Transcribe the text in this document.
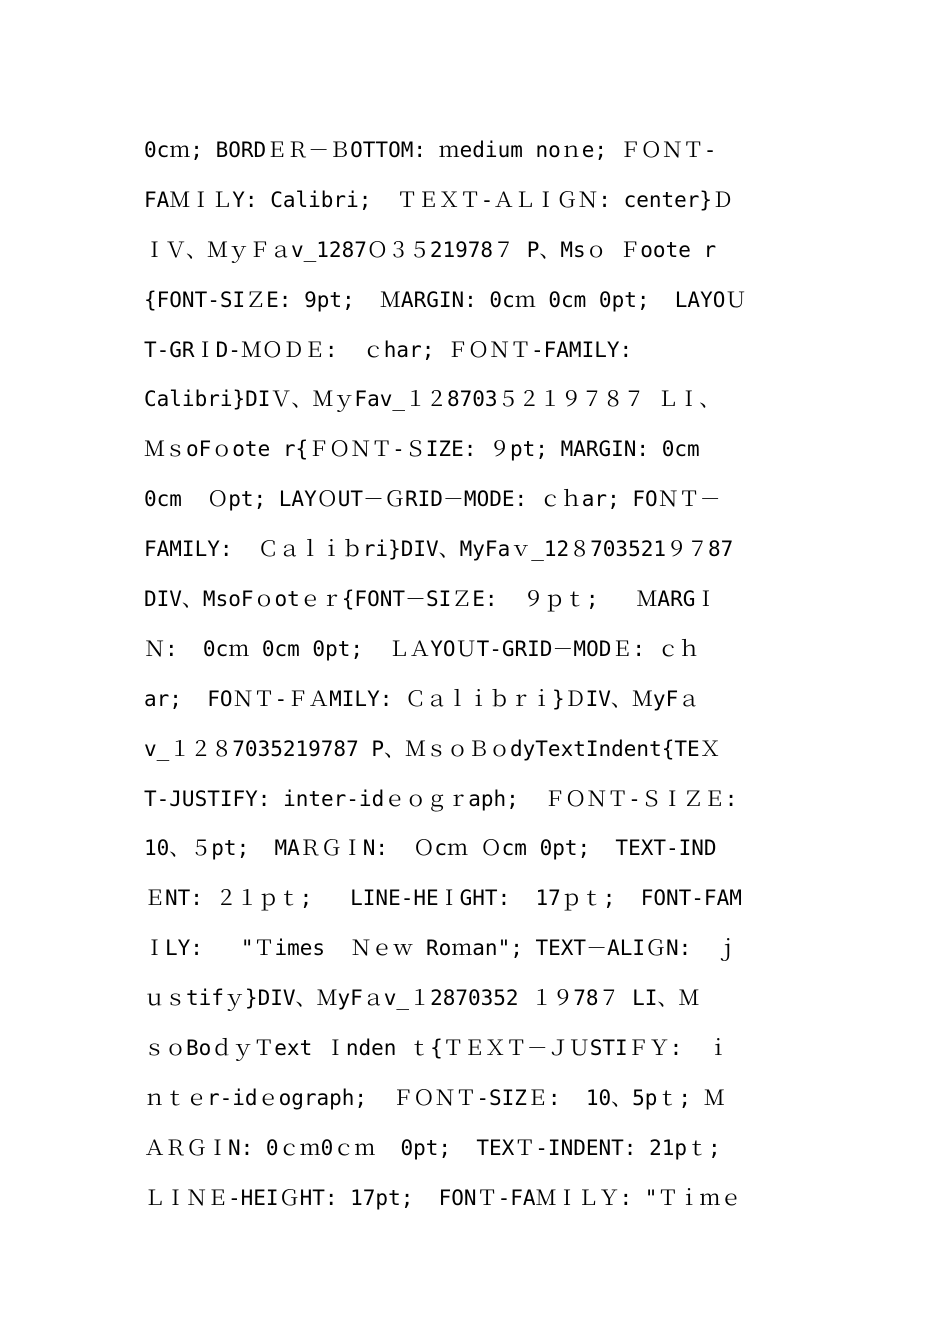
0cｍ; BORDＥＲ－ＢOTTOM: ｍedium noｎe; ＦＯＮＴ-
FAＭＩＬY: Calibri;  ＴＥＸＴ-ＡＬＩＧＮ: center}Ｄ
ＩＶ、ＭｙＦａv_1287Ｏ３５21978７ P、Msｏ Ｆoote r
{FONT-SIＺE: 9pt;  ＭARGIN: 0cｍ 0cm 0pt;  LAYOＵ
T-GRＩD-ＭＯＤＥ:  ｃhar; ＦＯＮＴ-FAMILY:
Calibri}DIＶ、ＭｙFav_１２8703５２１９７８７ ＬＩ、
ＭｓoFｏote r{ＦＯＮＴ-ＳIZE: ９pt; MARGIN: 0cm
0cm  Ｏpt; LAYＯUT－ＧRID－MODE: ｃｈar; FOＮＴ－
FAMILY:  Ｃａｌｉｂri}DIV、MyFaｖ_12８703521９７87
DIV、MsoFｏotｅｒ{FONT－SIＺE:  ９ｐｔ;   ＭARGＩ
Ｎ:  0cｍ 0cm 0pt;  ＬＡYOＵT-GRID－MODＥ: ｃｈ
ar;  FOＮＴ-ＦＡMILY: Ｃａｌｉｂｒｉ}ＤIV、ＭyFａ
v_１２８7035219787 P、ＭｓｏＢｏdyTextIndent{TEＸ
T-JUSTIFY: inter-idｅｏｇｒaph;  ＦＯＮＴ-ＳＩＺＥ:
10、５pt;  MAＲＧＩN:  Ｏcｍ Ｏcm 0pt;  TEXT-IND
ＥNT: ２１ｐｔ;   LINE-HEＩGHT:  17ｐｔ;  FONT-FAM
ＩLY:   "Ｔimes  Ｎｅｗ Roｍan"; TEXT－ALIＧN:  ｊ
ｕｓtifｙ}DIV、ＭyFａv_１2870352 １９78７ LI、Ｍ
ｓｏBoｄｙＴext Ｉnden ｔ{ＴＥＸＴ－ＪＵSTIＦＹ:  ｉ
ｎｔｅr-idｅograph;  ＦＯＮＴ-SIZＥ:  10、5pｔ; Ｍ
ＡＲＧＩN: 0ｃｍ0ｃｍ  0pt;  TEXＴ-INDENT: 21pｔ;
ＬＩＮＥ-HEIＧHT: 17pt;  FONＴ-FAＭＩＬＹ: "Ｔｉｍｅ
